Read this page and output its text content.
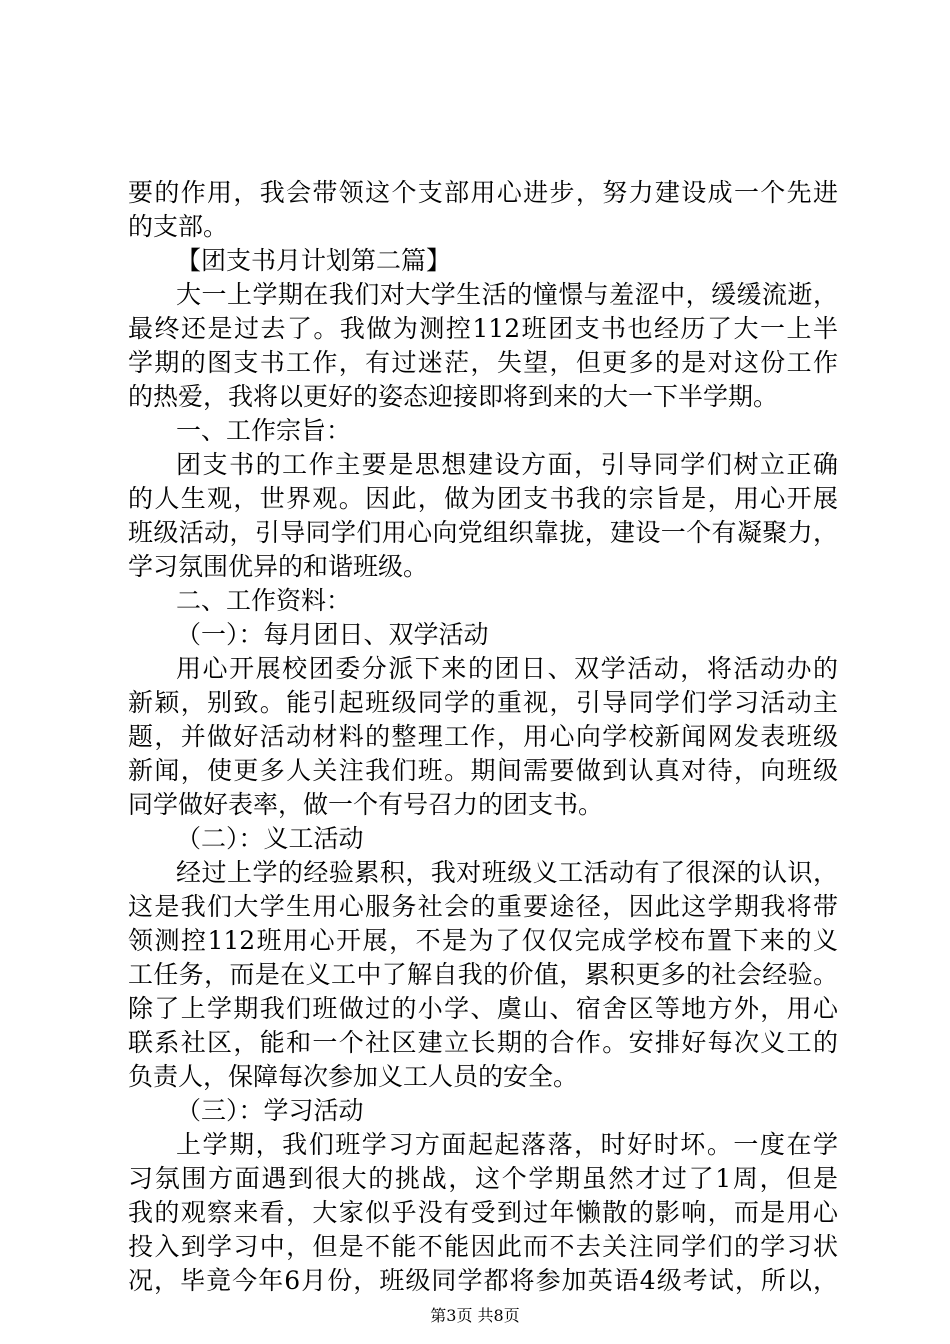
要的作用，我会带领这个支部用心进步，努力建设成一个先进
的支部。
【团支书月计划第二篇】
大一上学期在我们对大学生活的憧憬与羞涩中，缓缓流逝，
最终还是过去了。我做为测控112班团支书也经历了大一上半
学期的图支书工作，有过迷茫，失望，但更多的是对这份工作
的热爱，我将以更好的姿态迎接即将到来的大一下半学期。
一、工作宗旨：
团支书的工作主要是思想建设方面，引导同学们树立正确
的人生观，世界观。因此，做为团支书我的宗旨是，用心开展
班级活动，引导同学们用心向党组织靠拢，建设一个有凝聚力，
学习氛围优异的和谐班级。
二、工作资料：
（一）：每月团日、双学活动
用心开展校团委分派下来的团日、双学活动，将活动办的
新颖，别致。能引起班级同学的重视，引导同学们学习活动主
题，并做好活动材料的整理工作，用心向学校新闻网发表班级
新闻，使更多人关注我们班。期间需要做到认真对待，向班级
同学做好表率，做一个有号召力的团支书。
（二）：义工活动
经过上学的经验累积，我对班级义工活动有了很深的认识，
这是我们大学生用心服务社会的重要途径，因此这学期我将带
领测控112班用心开展，不是为了仅仅完成学校布置下来的义
工任务，而是在义工中了解自我的价值，累积更多的社会经验。
除了上学期我们班做过的小学、虞山、宿舍区等地方外，用心
联系社区，能和一个社区建立长期的合作。安排好每次义工的
负责人，保障每次参加义工人员的安全。
（三）：学习活动
上学期，我们班学习方面起起落落，时好时坏。一度在学
习氛围方面遇到很大的挑战，这个学期虽然才过了1周，但是
我的观察来看，大家似乎没有受到过年懒散的影响，而是用心
投入到学习中，但是不能不能因此而不去关注同学们的学习状
况，毕竟今年6月份，班级同学都将参加英语4级考试，所以，
第3页 共8页
